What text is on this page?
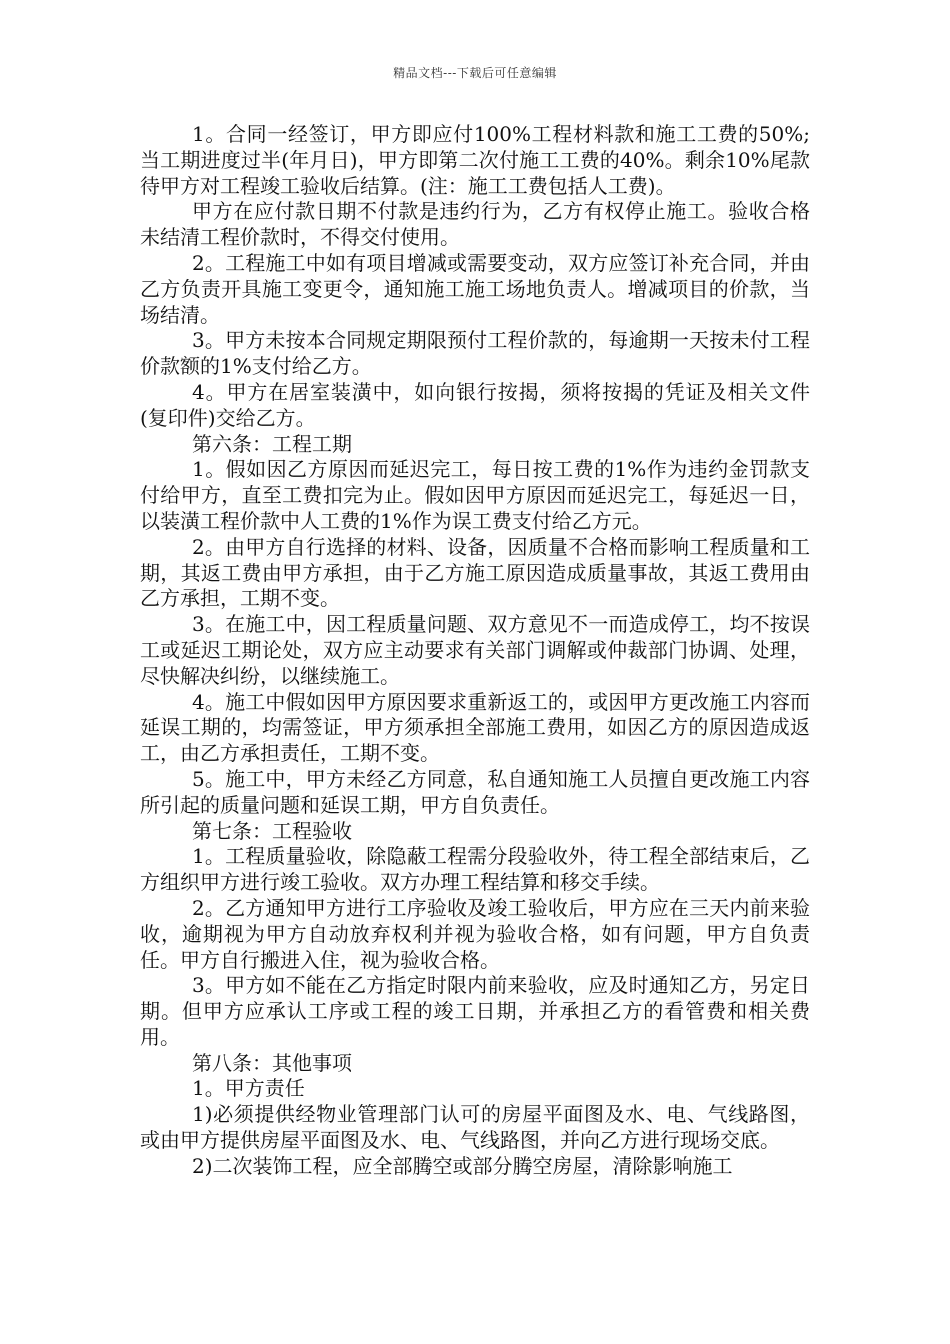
精品文档---下载后可任意编辑

1。合同一经签订，甲方即应付100%工程材料款和施工工费的50%;当工期进度过半(年月日)，甲方即第二次付施工工费的40%。剩余10%尾款待甲方对工程竣工验收后结算。(注：施工工费包括人工费)。

甲方在应付款日期不付款是违约行为，乙方有权停止施工。验收合格未结清工程价款时，不得交付使用。

2。工程施工中如有项目增减或需要变动，双方应签订补充合同，并由乙方负责开具施工变更令，通知施工施工场地负责人。增减项目的价款，当场结清。

3。甲方未按本合同规定期限预付工程价款的，每逾期一天按未付工程价款额的1%支付给乙方。

4。甲方在居室装潢中，如向银行按揭，须将按揭的凭证及相关文件(复印件)交给乙方。

第六条：工程工期

1。假如因乙方原因而延迟完工，每日按工费的1%作为违约金罚款支付给甲方，直至工费扣完为止。假如因甲方原因而延迟完工，每延迟一日，以装潢工程价款中人工费的1%作为误工费支付给乙方元。

2。由甲方自行选择的材料、设备，因质量不合格而影响工程质量和工期，其返工费由甲方承担，由于乙方施工原因造成质量事故，其返工费用由乙方承担，工期不变。

3。在施工中，因工程质量问题、双方意见不一而造成停工，均不按误工或延迟工期论处，双方应主动要求有关部门调解或仲裁部门协调、处理，尽快解决纠纷，以继续施工。

4。施工中假如因甲方原因要求重新返工的，或因甲方更改施工内容而延误工期的，均需签证，甲方须承担全部施工费用，如因乙方的原因造成返工，由乙方承担责任，工期不变。

5。施工中，甲方未经乙方同意，私自通知施工人员擅自更改施工内容所引起的质量问题和延误工期，甲方自负责任。

第七条：工程验收

1。工程质量验收，除隐蔽工程需分段验收外，待工程全部结束后，乙方组织甲方进行竣工验收。双方办理工程结算和移交手续。

2。乙方通知甲方进行工序验收及竣工验收后，甲方应在三天内前来验收，逾期视为甲方自动放弃权利并视为验收合格，如有问题，甲方自负责任。甲方自行搬进入住，视为验收合格。

3。甲方如不能在乙方指定时限内前来验收，应及时通知乙方，另定日期。但甲方应承认工序或工程的竣工日期，并承担乙方的看管费和相关费用。

第八条：其他事项

1。甲方责任

1)必须提供经物业管理部门认可的房屋平面图及水、电、气线路图，或由甲方提供房屋平面图及水、电、气线路图，并向乙方进行现场交底。

2)二次装饰工程，应全部腾空或部分腾空房屋，清除影响施工
